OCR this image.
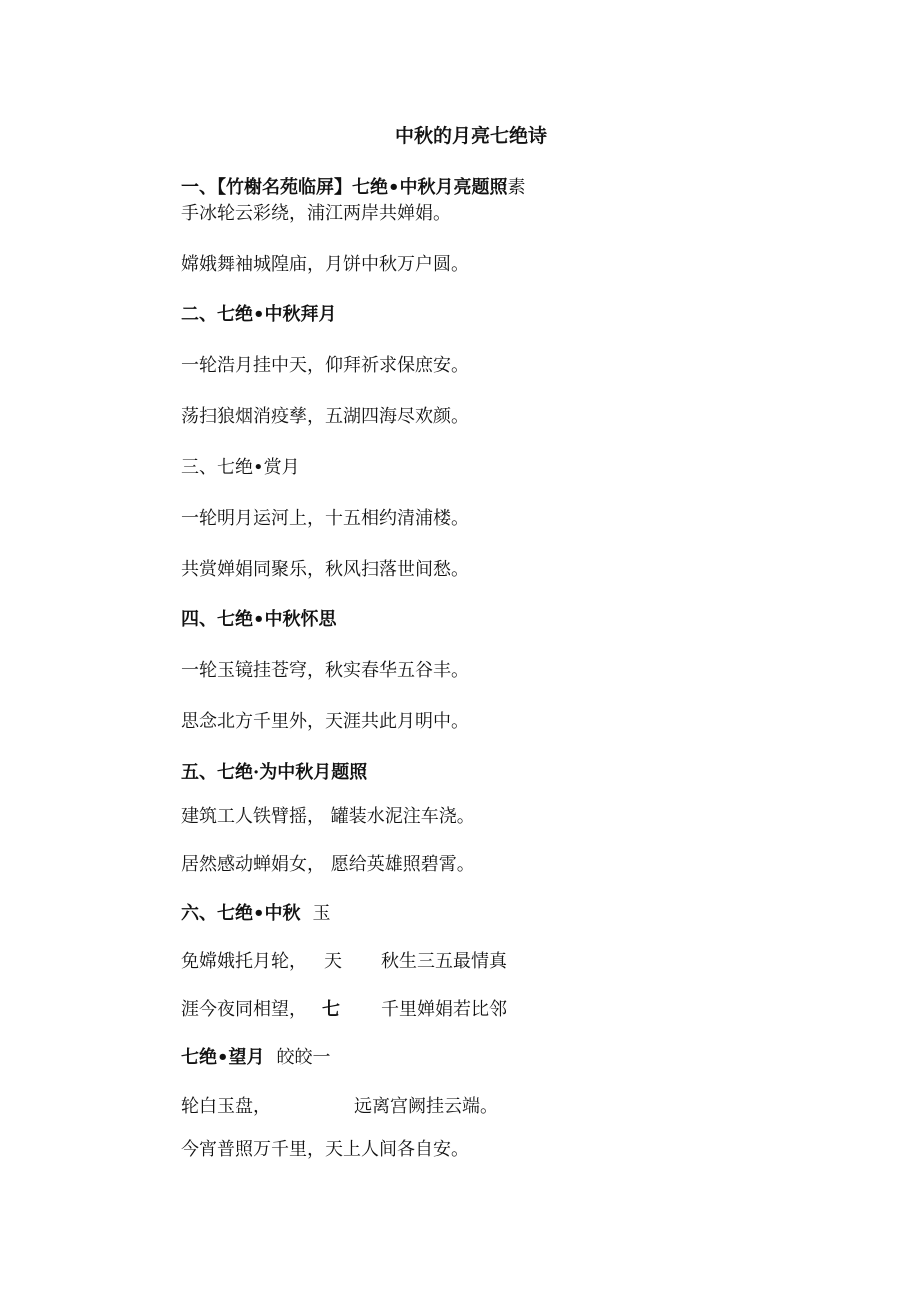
中秋的月亮七绝诗
一、【竹榭名苑临屏】七绝•中秋月亮题照素
手冰轮云彩绕，浦江两岸共婵娟。
嫦娥舞袖城隍庙，月饼中秋万户圆。
二、七绝•中秋拜月
一轮浩月挂中天，仰拜祈求保庶安。
荡扫狼烟消疫孳，五湖四海尽欢颜。
三、七绝•赏月
一轮明月运河上，十五相约清浦楼。
共赏婵娟同聚乐，秋风扫落世间愁。
四、七绝•中秋怀思
一轮玉镜挂苍穹，秋实春华五谷丰。
思念北方千里外，天涯共此月明中。
五、七绝·为中秋月题照
建筑工人铁臂摇， 罐装水泥注车浇。
居然感动蝉娟女， 愿给英雄照碧霄。
六、七绝•中秋 玉
免嫦娥托月轮， 天 秋生三五最情真
涯今夜同相望， 七 千里婵娟若比邻
七绝•望月 皎皎一
轮白玉盘，	远离宫阙挂云端。
今宵普照万千里，天上人间各自安。
